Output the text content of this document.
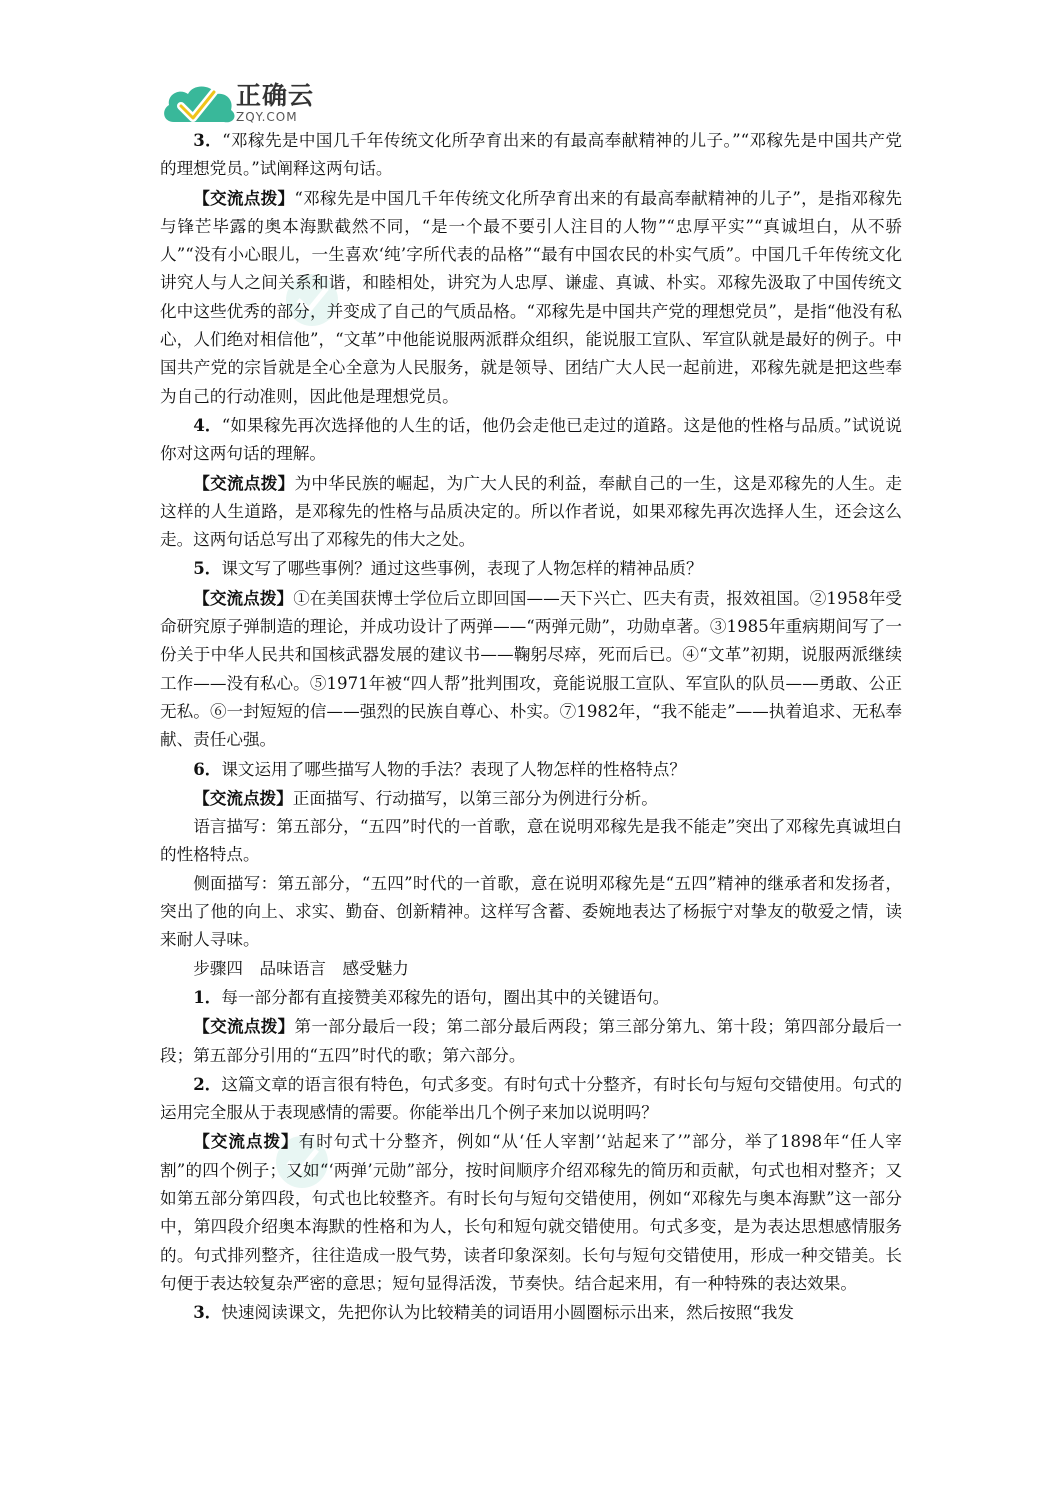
正确云
ZQY.COM

3．“邓稼先是中国几千年传统文化所孕育出来的有最高奉献精神的儿子。”“邓稼先是中国共产党的理想党员。”试阐释这两句话。

【交流点拨】“邓稼先是中国几千年传统文化所孕育出来的有最高奉献精神的儿子”，是指邓稼先与锋芒毕露的奥本海默截然不同，“是一个最不要引人注目的人物”“忠厚平实”“真诚坦白，从不骄人”“没有小心眼儿，一生喜欢‘纯’字所代表的品格”“最有中国农民的朴实气质”。中国几千年传统文化讲究人与人之间关系和谐，和睦相处，讲究为人忠厚、谦虚、真诚、朴实。邓稼先汲取了中国传统文化中这些优秀的部分，并变成了自己的气质品格。“邓稼先是中国共产党的理想党员”，是指“他没有私心，人们绝对相信他”，“文革”中他能说服两派群众组织，能说服工宣队、军宣队就是最好的例子。中国共产党的宗旨就是全心全意为人民服务，就是领导、团结广大人民一起前进，邓稼先就是把这些奉为自己的行动准则，因此他是理想党员。

4．“如果稼先再次选择他的人生的话，他仍会走他已走过的道路。这是他的性格与品质。”试说说你对这两句话的理解。

【交流点拨】为中华民族的崛起，为广大人民的利益，奉献自己的一生，这是邓稼先的人生。走这样的人生道路，是邓稼先的性格与品质决定的。所以作者说，如果邓稼先再次选择人生，还会这么走。这两句话总写出了邓稼先的伟大之处。

5．课文写了哪些事例？通过这些事例，表现了人物怎样的精神品质？

【交流点拨】①在美国获博士学位后立即回国——天下兴亡、匹夫有责，报效祖国。②1958年受命研究原子弹制造的理论，并成功设计了两弹——“两弹元勋”，功勋卓著。③1985年重病期间写了一份关于中华人民共和国核武器发展的建议书——鞠躬尽瘁，死而后已。④“文革”初期，说服两派继续工作——没有私心。⑤1971年被“四人帮”批判围攻，竟能说服工宣队、军宣队的队员——勇敢、公正无私。⑥一封短短的信——强烈的民族自尊心、朴实。⑦1982年，“我不能走”——执着追求、无私奉献、责任心强。

6．课文运用了哪些描写人物的手法？表现了人物怎样的性格特点？

【交流点拨】正面描写、行动描写，以第三部分为例进行分析。

语言描写：第五部分，“五四”时代的一首歌，意在说明邓稼先是我不能走”突出了邓稼先真诚坦白的性格特点。

侧面描写：第五部分，“五四”时代的一首歌，意在说明邓稼先是“五四”精神的继承者和发扬者，突出了他的向上、求实、勤奋、创新精神。这样写含蓄、委婉地表达了杨振宁对挚友的敬爱之情，读来耐人寻味。

步骤四　品味语言　感受魅力

1．每一部分都有直接赞美邓稼先的语句，圈出其中的关键语句。

【交流点拨】第一部分最后一段；第二部分最后两段；第三部分第九、第十段；第四部分最后一段；第五部分引用的“五四”时代的歌；第六部分。

2．这篇文章的语言很有特色，句式多变。有时句式十分整齐，有时长句与短句交错使用。句式的运用完全服从于表现感情的需要。你能举出几个例子来加以说明吗？

【交流点拨】有时句式十分整齐，例如“从‘任人宰割’‘站起来了’”部分，举了1898年“任人宰割”的四个例子；又如“‘两弹’元勋”部分，按时间顺序介绍邓稼先的简历和贡献，句式也相对整齐；又如第五部分第四段，句式也比较整齐。有时长句与短句交错使用，例如“邓稼先与奥本海默”这一部分中，第四段介绍奥本海默的性格和为人，长句和短句就交错使用。句式多变，是为表达思想感情服务的。句式排列整齐，往往造成一股气势，读者印象深刻。长句与短句交错使用，形成一种交错美。长句便于表达较复杂严密的意思；短句显得活泼，节奏快。结合起来用，有一种特殊的表达效果。

3．快速阅读课文，先把你认为比较精美的词语用小圆圈标示出来，然后按照“我发
